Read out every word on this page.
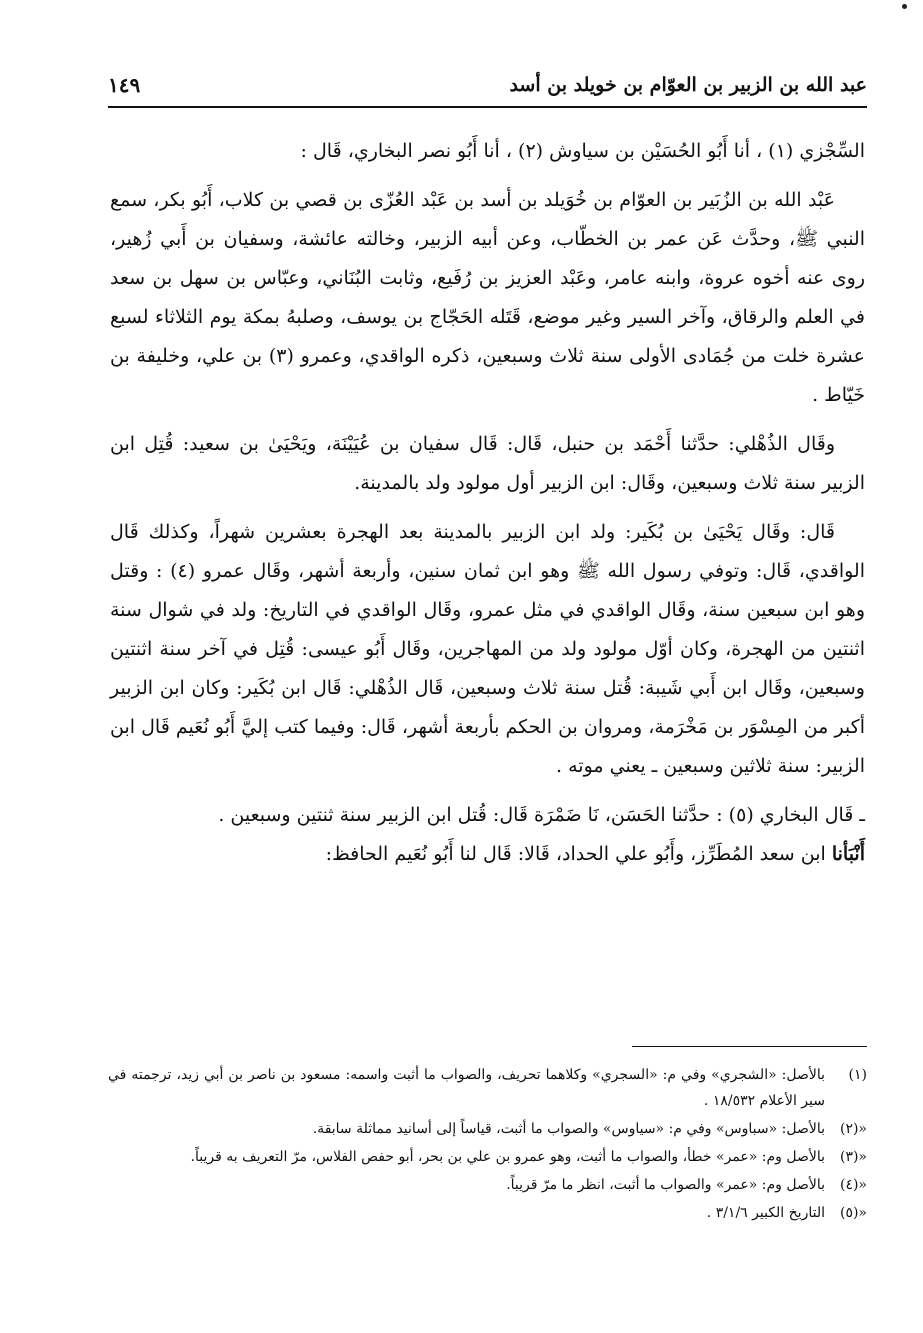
عبد الله بن الزبير بن العوّام بن خويلد بن أسد
١٤٩

السِّجْزي (١) ، أنا أَبُو الحُسَيْن بن سياوش (٢) ، أنا أَبُو نصر البخاري، قَال :

عَبْد الله بن الزُبَير بن العوّام بن خُوَيلد بن أسد بن عَبْد العُزّى بن قصي بن كلاب، أَبُو بكر، سمع النبي ﷺ، وحدَّث عَن عمر بن الخطّاب، وعن أبيه الزبير، وخالته عائشة، وسفيان بن أَبي زُهير، روى عنه أخوه عروة، وابنه عامر، وعَبْد العزيز بن رُفَيع، وثابت البُنَاني، وعبّاس بن سهل بن سعد في العلم والرقاق، وآخر السير وغير موضع، قَتَله الحَجّاج بن يوسف، وصلبهُ بمكة يوم الثلاثاء لسبع عشرة خلت من جُمَادى الأولى سنة ثلاث وسبعين، ذكره الواقدي، وعمرو (٣) بن علي، وخليفة بن خَيّاط .

وقَال الذُهْلي: حدَّثنا أَحْمَد بن حنبل، قَال: قَال سفيان بن عُيَيْنَة، ويَحْيَىٰ بن سعيد: قُتِل ابن الزبير سنة ثلاث وسبعين، وقَال: ابن الزبير أول مولود ولد بالمدينة.

قَال: وقَال يَحْيَىٰ بن بُكَير: ولد ابن الزبير بالمدينة بعد الهجرة بعشرين شهراً، وكذلك قَال الواقدي، قَال: وتوفي رسول الله ﷺ وهو ابن ثمان سنين، وأربعة أشهر، وقَال عمرو (٤) : وقتل وهو ابن سبعين سنة، وقَال الواقدي في مثل عمرو، وقَال الواقدي في التاريخ: ولد في شوال سنة اثنتين من الهجرة، وكان أوّل مولود ولد من المهاجرين، وقَال أَبُو عيسى: قُتِل في آخر سنة اثنتين وسبعين، وقَال ابن أَبي شَيبة: قُتل سنة ثلاث وسبعين، قَال الذُهْلي: قَال ابن بُكَير: وكان ابن الزبير أكبر من المِسْوَر بن مَخْرَمة، ومروان بن الحكم بأربعة أشهر، قَال: وفيما كتب إليَّ أَبُو نُعَيم قَال ابن الزبير: سنة ثلاثين وسبعين ـ يعني موته .

ـ قَال البخاري (٥) : حدَّثنا الحَسَن، نَا ضَمْرَة قَال: قُتل ابن الزبير سنة ثنتين وسبعين .

أَنْبَأنا ابن سعد المُطَرِّز، وأَبُو علي الحداد، قَالا: قَال لنا أَبُو نُعَيم الحافظ:

(١)
بالأصل: «الشجري» وفي م: «السجري» وكلاهما تحريف، والصواب ما أثبت واسمه: مسعود بن ناصر بن أبي زيد، ترجمته في سير الأعلام ١٨/٥٣٢ .
«(٢)
بالأصل: «سباوس» وفي م: «سياوس» والصواب ما أثبت، قياساً إلى أسانيد مماثلة سابقة.
«(٣)
بالأصل وم: «عمر» خطأ، والصواب ما أثبت، وهو عمرو بن علي بن بحر، أبو حفص الفلاس، مرّ التعريف به قريباً.
«(٤)
بالأصل وم: «عمر» والصواب ما أثبت، انظر ما مرّ قريباً.
«(٥)
التاريخ الكبير ٣/١/٦ .
